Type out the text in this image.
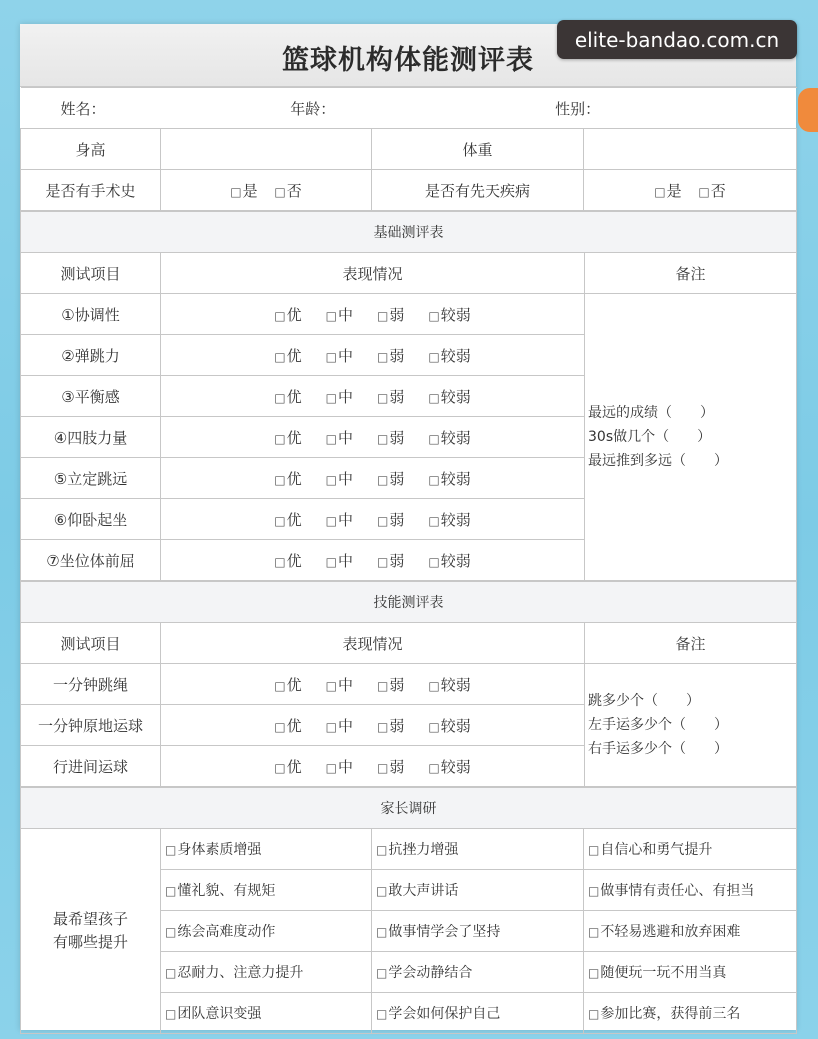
篮球机构体能测评表
姓名： 年龄： 性别：			
身高		体重	
是否有手术史	□是 □否	是否有先天疾病	□是 □否
基础测评表		
测试项目	表现情况	备注
①协调性	□优 □中 □弱 □较弱	最远的成绩（　　）
30s做几个（　　）
最远推到多远（　　）

②弹跳力	□优 □中 □弱 □较弱	
③平衡感	□优 □中 □弱 □较弱	
④四肢力量	□优 □中 □弱 □较弱	
⑤立定跳远	□优 □中 □弱 □较弱	
⑥仰卧起坐	□优 □中 □弱 □较弱	
⑦坐位体前屈	□优 □中 □弱 □较弱	
技能测评表		
测试项目	表现情况	备注
一分钟跳绳	□优 □中 □弱 □较弱	跳多少个（　　）
左手运多少个（　　）
右手运多少个（　　）

一分钟原地运球	□优 □中 □弱 □较弱	
行进间运球	□优 □中 □弱 □较弱	
家长调研			

最希望孩子
有哪些提升	□身体素质增强	□抗挫力增强	□自信心和勇气提升
	□懂礼貌、有规矩	□敢大声讲话	□做事情有责任心、有担当
	□练会高难度动作	□做事情学会了坚持	□不轻易逃避和放弃困难
	□忍耐力、注意力提升	□学会动静结合	□随便玩一玩不用当真
	□团队意识变强	□学会如何保护自己	□参加比赛，获得前三名
elite-bandao.com.cn
